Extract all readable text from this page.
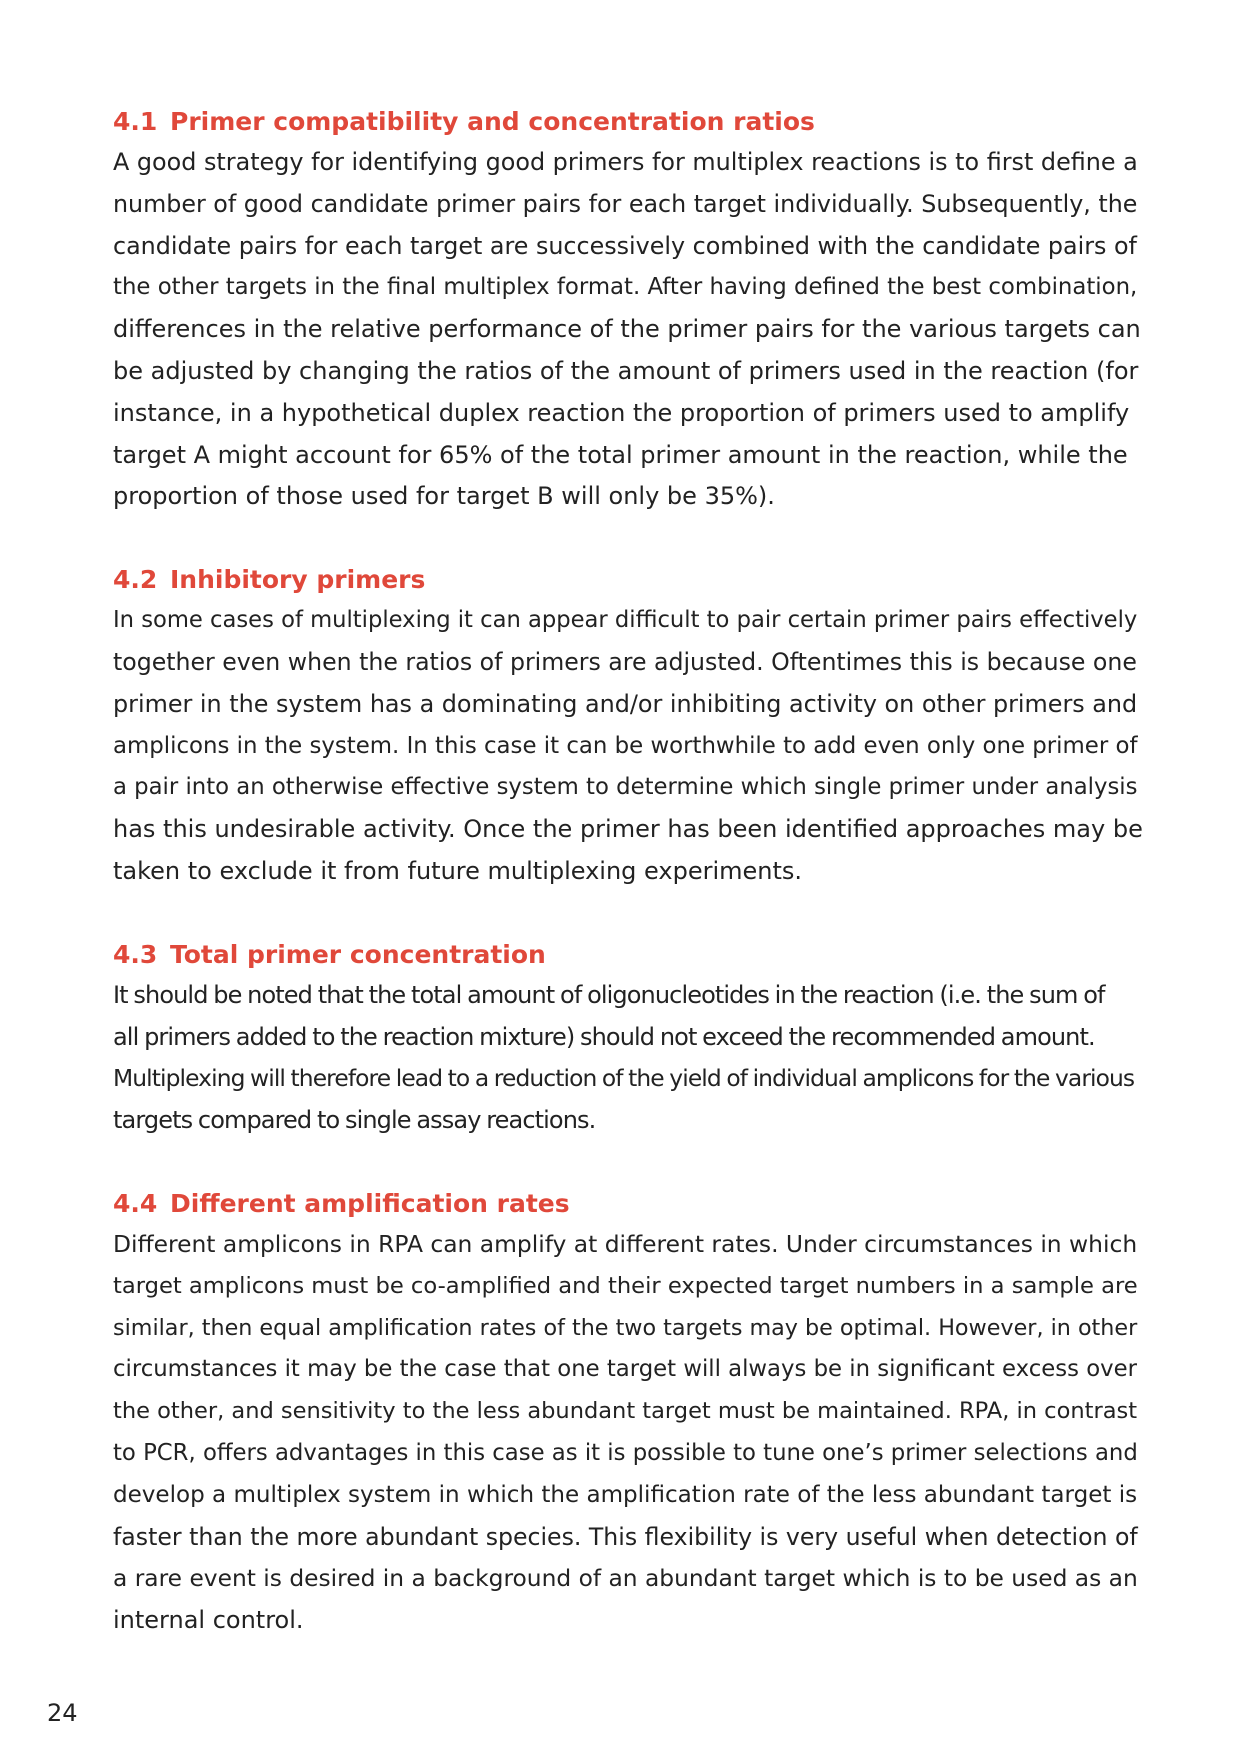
4.1 Primer compatibility and concentration ratios
A good strategy for identifying good primers for multiplex reactions is to first define a
number of good candidate primer pairs for each target individually. Subsequently, the
candidate pairs for each target are successively combined with the candidate pairs of
the other targets in the final multiplex format. After having defined the best combination,
differences in the relative performance of the primer pairs for the various targets can
be adjusted by changing the ratios of the amount of primers used in the reaction (for
instance, in a hypothetical duplex reaction the proportion of primers used to amplify
target A might account for 65% of the total primer amount in the reaction, while the
proportion of those used for target B will only be 35%).
4.2 Inhibitory primers
In some cases of multiplexing it can appear difficult to pair certain primer pairs effectively
together even when the ratios of primers are adjusted. Oftentimes this is because one
primer in the system has a dominating and/or inhibiting activity on other primers and
amplicons in the system. In this case it can be worthwhile to add even only one primer of
a pair into an otherwise effective system to determine which single primer under analysis
has this undesirable activity. Once the primer has been identified approaches may be
taken to exclude it from future multiplexing experiments.
4.3 Total primer concentration
It should be noted that the total amount of oligonucleotides in the reaction (i.e. the sum of
all primers added to the reaction mixture) should not exceed the recommended amount.
Multiplexing will therefore lead to a reduction of the yield of individual amplicons for the various
targets compared to single assay reactions.
4.4 Different amplification rates
Different amplicons in RPA can amplify at different rates. Under circumstances in which
target amplicons must be co-amplified and their expected target numbers in a sample are
similar, then equal amplification rates of the two targets may be optimal. However, in other
circumstances it may be the case that one target will always be in significant excess over
the other, and sensitivity to the less abundant target must be maintained. RPA, in contrast
to PCR, offers advantages in this case as it is possible to tune one’s primer selections and
develop a multiplex system in which the amplification rate of the less abundant target is
faster than the more abundant species. This flexibility is very useful when detection of
a rare event is desired in a background of an abundant target which is to be used as an
internal control.
24
